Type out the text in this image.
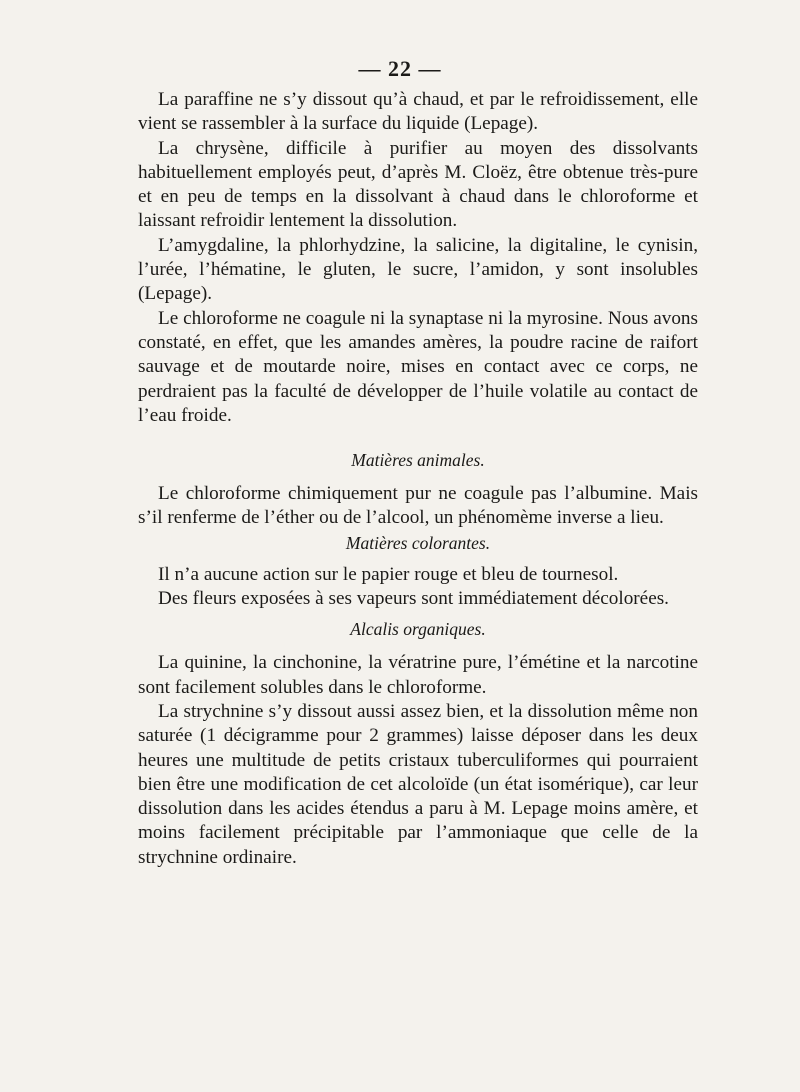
— 22 —

La paraffine ne s’y dissout qu’à chaud, et par le refroidissement, elle vient se rassembler à la surface du liquide (Lepage).

La chrysène, difficile à purifier au moyen des dissolvants habituellement employés peut, d’après M. Cloëz, être obtenue très-pure et en peu de temps en la dissolvant à chaud dans le chloroforme et laissant refroidir lentement la dissolution.

L’amygdaline, la phlorhydzine, la salicine, la digitaline, le cynisin, l’urée, l’hématine, le gluten, le sucre, l’amidon, y sont insolubles (Lepage).

Le chloroforme ne coagule ni la synaptase ni la myrosine. Nous avons constaté, en effet, que les amandes amères, la poudre racine de raifort sauvage et de moutarde noire, mises en contact avec ce corps, ne perdraient pas la faculté de développer de l’huile volatile au contact de l’eau froide.

Matières animales.

Le chloroforme chimiquement pur ne coagule pas l’albumine. Mais s’il renferme de l’éther ou de l’alcool, un phénomème inverse a lieu.

Matières colorantes.

Il n’a aucune action sur le papier rouge et bleu de tournesol.

Des fleurs exposées à ses vapeurs sont immédiatement décolorées.

Alcalis organiques.

La quinine, la cinchonine, la vératrine pure, l’émétine et la narcotine sont facilement solubles dans le chloroforme.

La strychnine s’y dissout aussi assez bien, et la dissolution même non saturée (1 décigramme pour 2 grammes) laisse déposer dans les deux heures une multitude de petits cristaux tuberculiformes qui pourraient bien être une modification de cet alcoloïde (un état isomérique), car leur dissolution dans les acides étendus a paru à M. Lepage moins amère, et moins facilement précipitable par l’ammoniaque que celle de la strychnine ordinaire.
